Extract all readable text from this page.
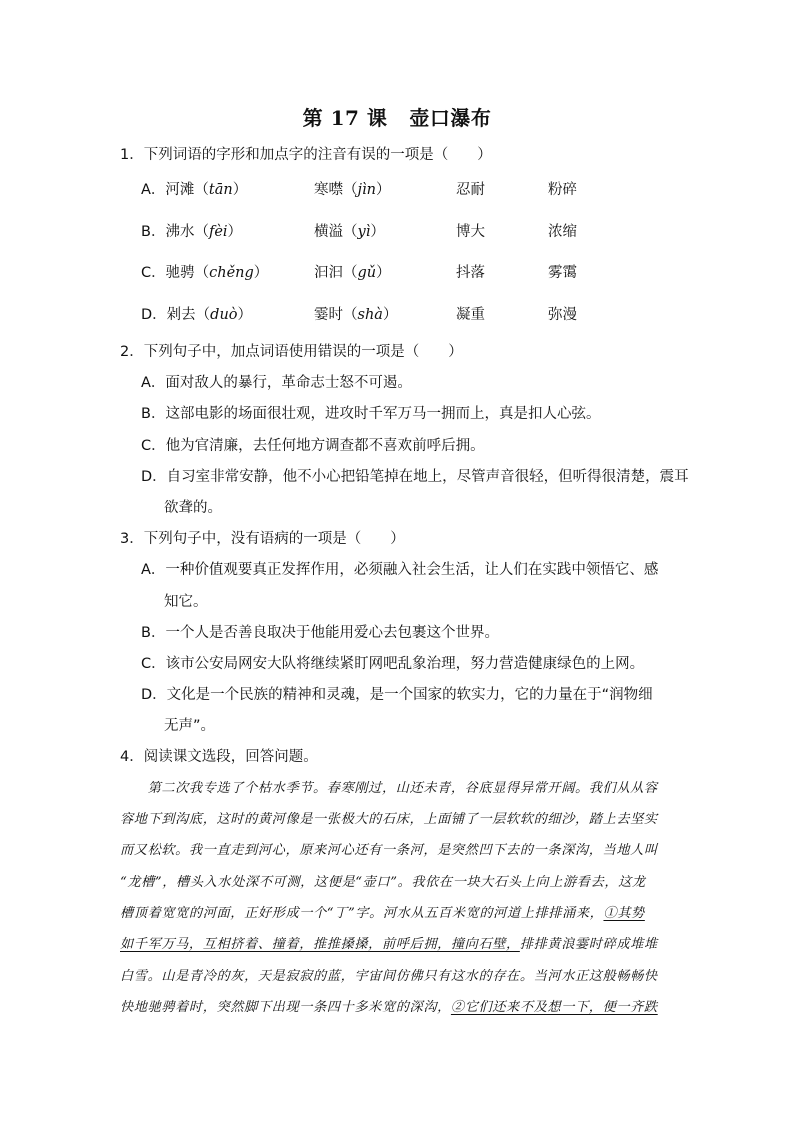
第 17 课 壶口瀑布
1．下列词语的字形和加点字的注音有误的一项是（　　）
A．河滩（tān）	寒噤（jìn）	忍耐	粉碎
B．沸水（fèi）	横溢（yì）	博大	浓缩
C．驰骋（chěng）	汩汩（gǔ）	抖落	雾霭
D．剁去（duò）	霎时（shà）	凝重	弥漫
2．下列句子中，加点词语使用错误的一项是（　　）
A．面对敌人的暴行，革命志士怒不可遏。
B．这部电影的场面很壮观，进攻时千军万马一拥而上，真是扣人心弦。
C．他为官清廉，去任何地方调查都不喜欢前呼后拥。
D．自习室非常安静，他不小心把铅笔掉在地上，尽管声音很轻，但听得很清楚，震耳
欲聋的。
3．下列句子中，没有语病的一项是（　　）
A．一种价值观要真正发挥作用，必须融入社会生活，让人们在实践中领悟它、感
知它。
B．一个人是否善良取决于他能用爱心去包裹这个世界。
C．该市公安局网安大队将继续紧盯网吧乱象治理，努力营造健康绿色的上网。
D．文化是一个民族的精神和灵魂，是一个国家的软实力，它的力量在于“润物细
无声”。
4．阅读课文选段，回答问题。
　　第二次我专选了个枯水季节。春寒刚过，山还未青，谷底显得异常开阔。我们从从容
容地下到沟底，这时的黄河像是一张极大的石床，上面铺了一层软软的细沙，踏上去坚实
而又松软。我一直走到河心，原来河心还有一条河，是突然凹下去的一条深沟，当地人叫
“龙槽”，槽头入水处深不可测，这便是“壶口”。我依在一块大石头上向上游看去，这龙
槽顶着宽宽的河面，正好形成一个“丁”字。河水从五百米宽的河道上排排涌来，①其势
如千军万马，互相挤着、撞着，推推搡搡，前呼后拥，撞向石壁，排排黄浪霎时碎成堆堆
白雪。山是青冷的灰，天是寂寂的蓝，宇宙间仿佛只有这水的存在。当河水正这般畅畅快
快地驰骋着时，突然脚下出现一条四十多米宽的深沟，②它们还来不及想一下，便一齐跌
